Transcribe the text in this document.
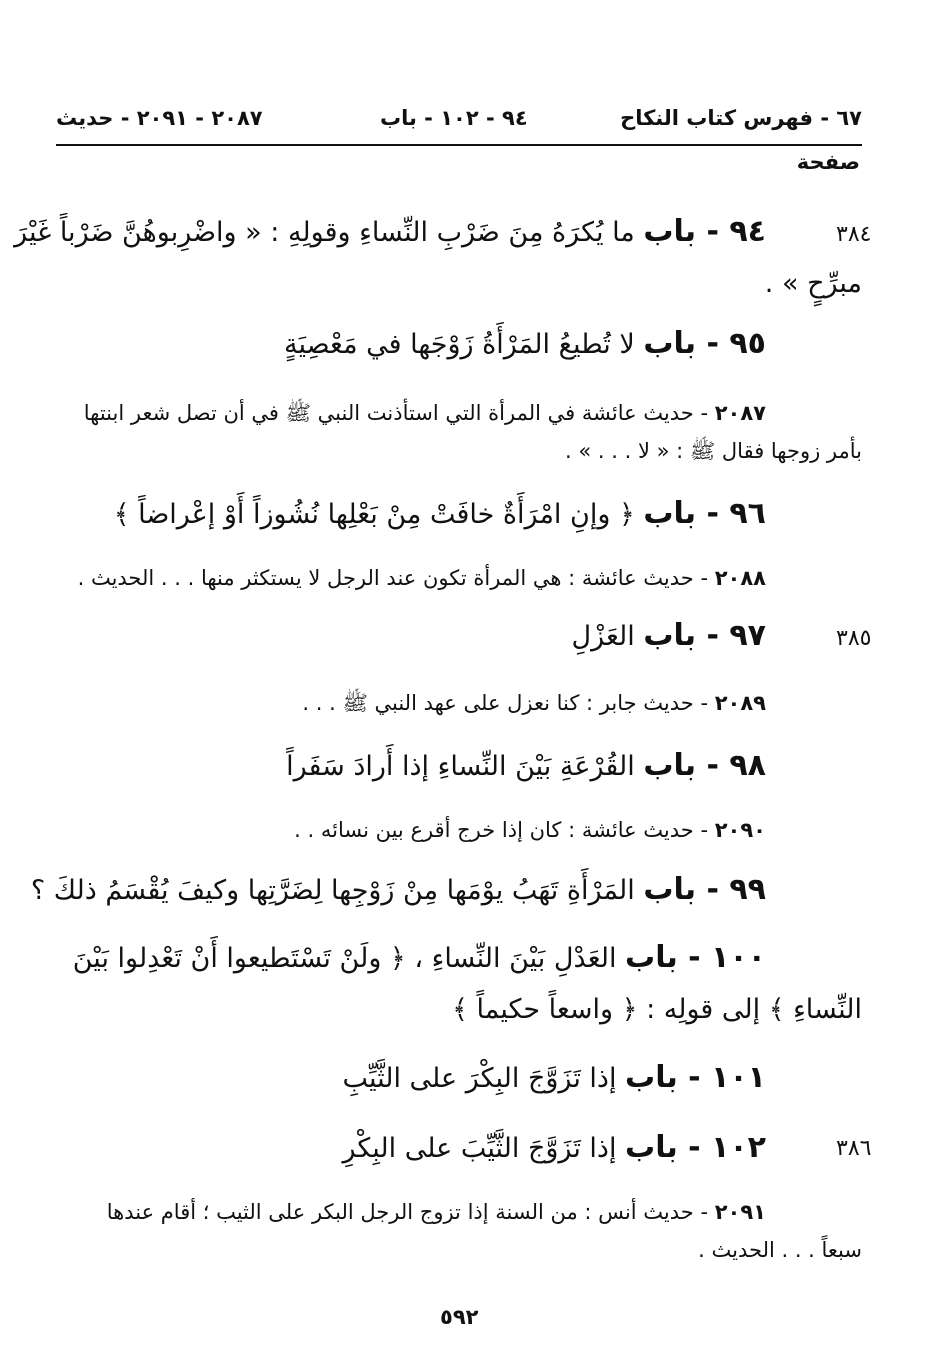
٦٧ - فهرس كتاب النكاح
٩٤ - ١٠٢ - باب
٢٠٨٧ - ٢٠٩١ - حديث
صفحة
٣٨٤
٣٨٥
٣٨٦
٩٤ - باب ما يُكرَهُ مِنَ ضَرْبِ النِّساءِ وقولِهِ : « واضْرِبوهُنَّ ضَرْباً غَيْرَ
مبرِّحٍ » .
٩٥ - باب لا تُطيعُ المَرْأَةُ زَوْجَها في مَعْصِيَةٍ
٢٠٨٧ - حديث عائشة في المرأة التي استأذنت النبي ﷺ في أن تصل شعر ابنتها
بأمر زوجها فقال ﷺ : « لا . . . » .
٩٦ - باب ﴿ وإنِ امْرَأَةٌ خافَتْ مِنْ بَعْلِها نُشُوزاً أَوْ إعْراضاً ﴾
٢٠٨٨ - حديث عائشة : هي المرأة تكون عند الرجل لا يستكثر منها . . . الحديث .
٩٧ - باب العَزْلِ
٢٠٨٩ - حديث جابر : كنا نعزل على عهد النبي ﷺ . . .
٩٨ - باب القُرْعَةِ بَيْنَ النِّساءِ إذا أَرادَ سَفَراً
٢٠٩٠ - حديث عائشة : كان إذا خرج أقرع بين نسائه . .
٩٩ - باب المَرْأَةِ تَهَبُ يوْمَها مِنْ زَوْجِها لِضَرَّتِها وكيفَ يُقْسَمُ ذلكَ ؟
١٠٠ - باب العَدْلِ بَيْنَ النِّساءِ ، ﴿ ولَنْ تَسْتَطيعوا أَنْ تَعْدِلوا بَيْنَ
النِّساءِ ﴾ إلى قولِه : ﴿ واسعاً حكيماً ﴾
١٠١ - باب إذا تَزَوَّجَ البِكْرَ على الثَّيِّبِ
١٠٢ - باب إذا تَزَوَّجَ الثَّيِّبَ على البِكْرِ
٢٠٩١ - حديث أنس : من السنة إذا تزوج الرجل البكر على الثيب ؛ أقام عندها
سبعاً . . . الحديث .
٥٩٢
